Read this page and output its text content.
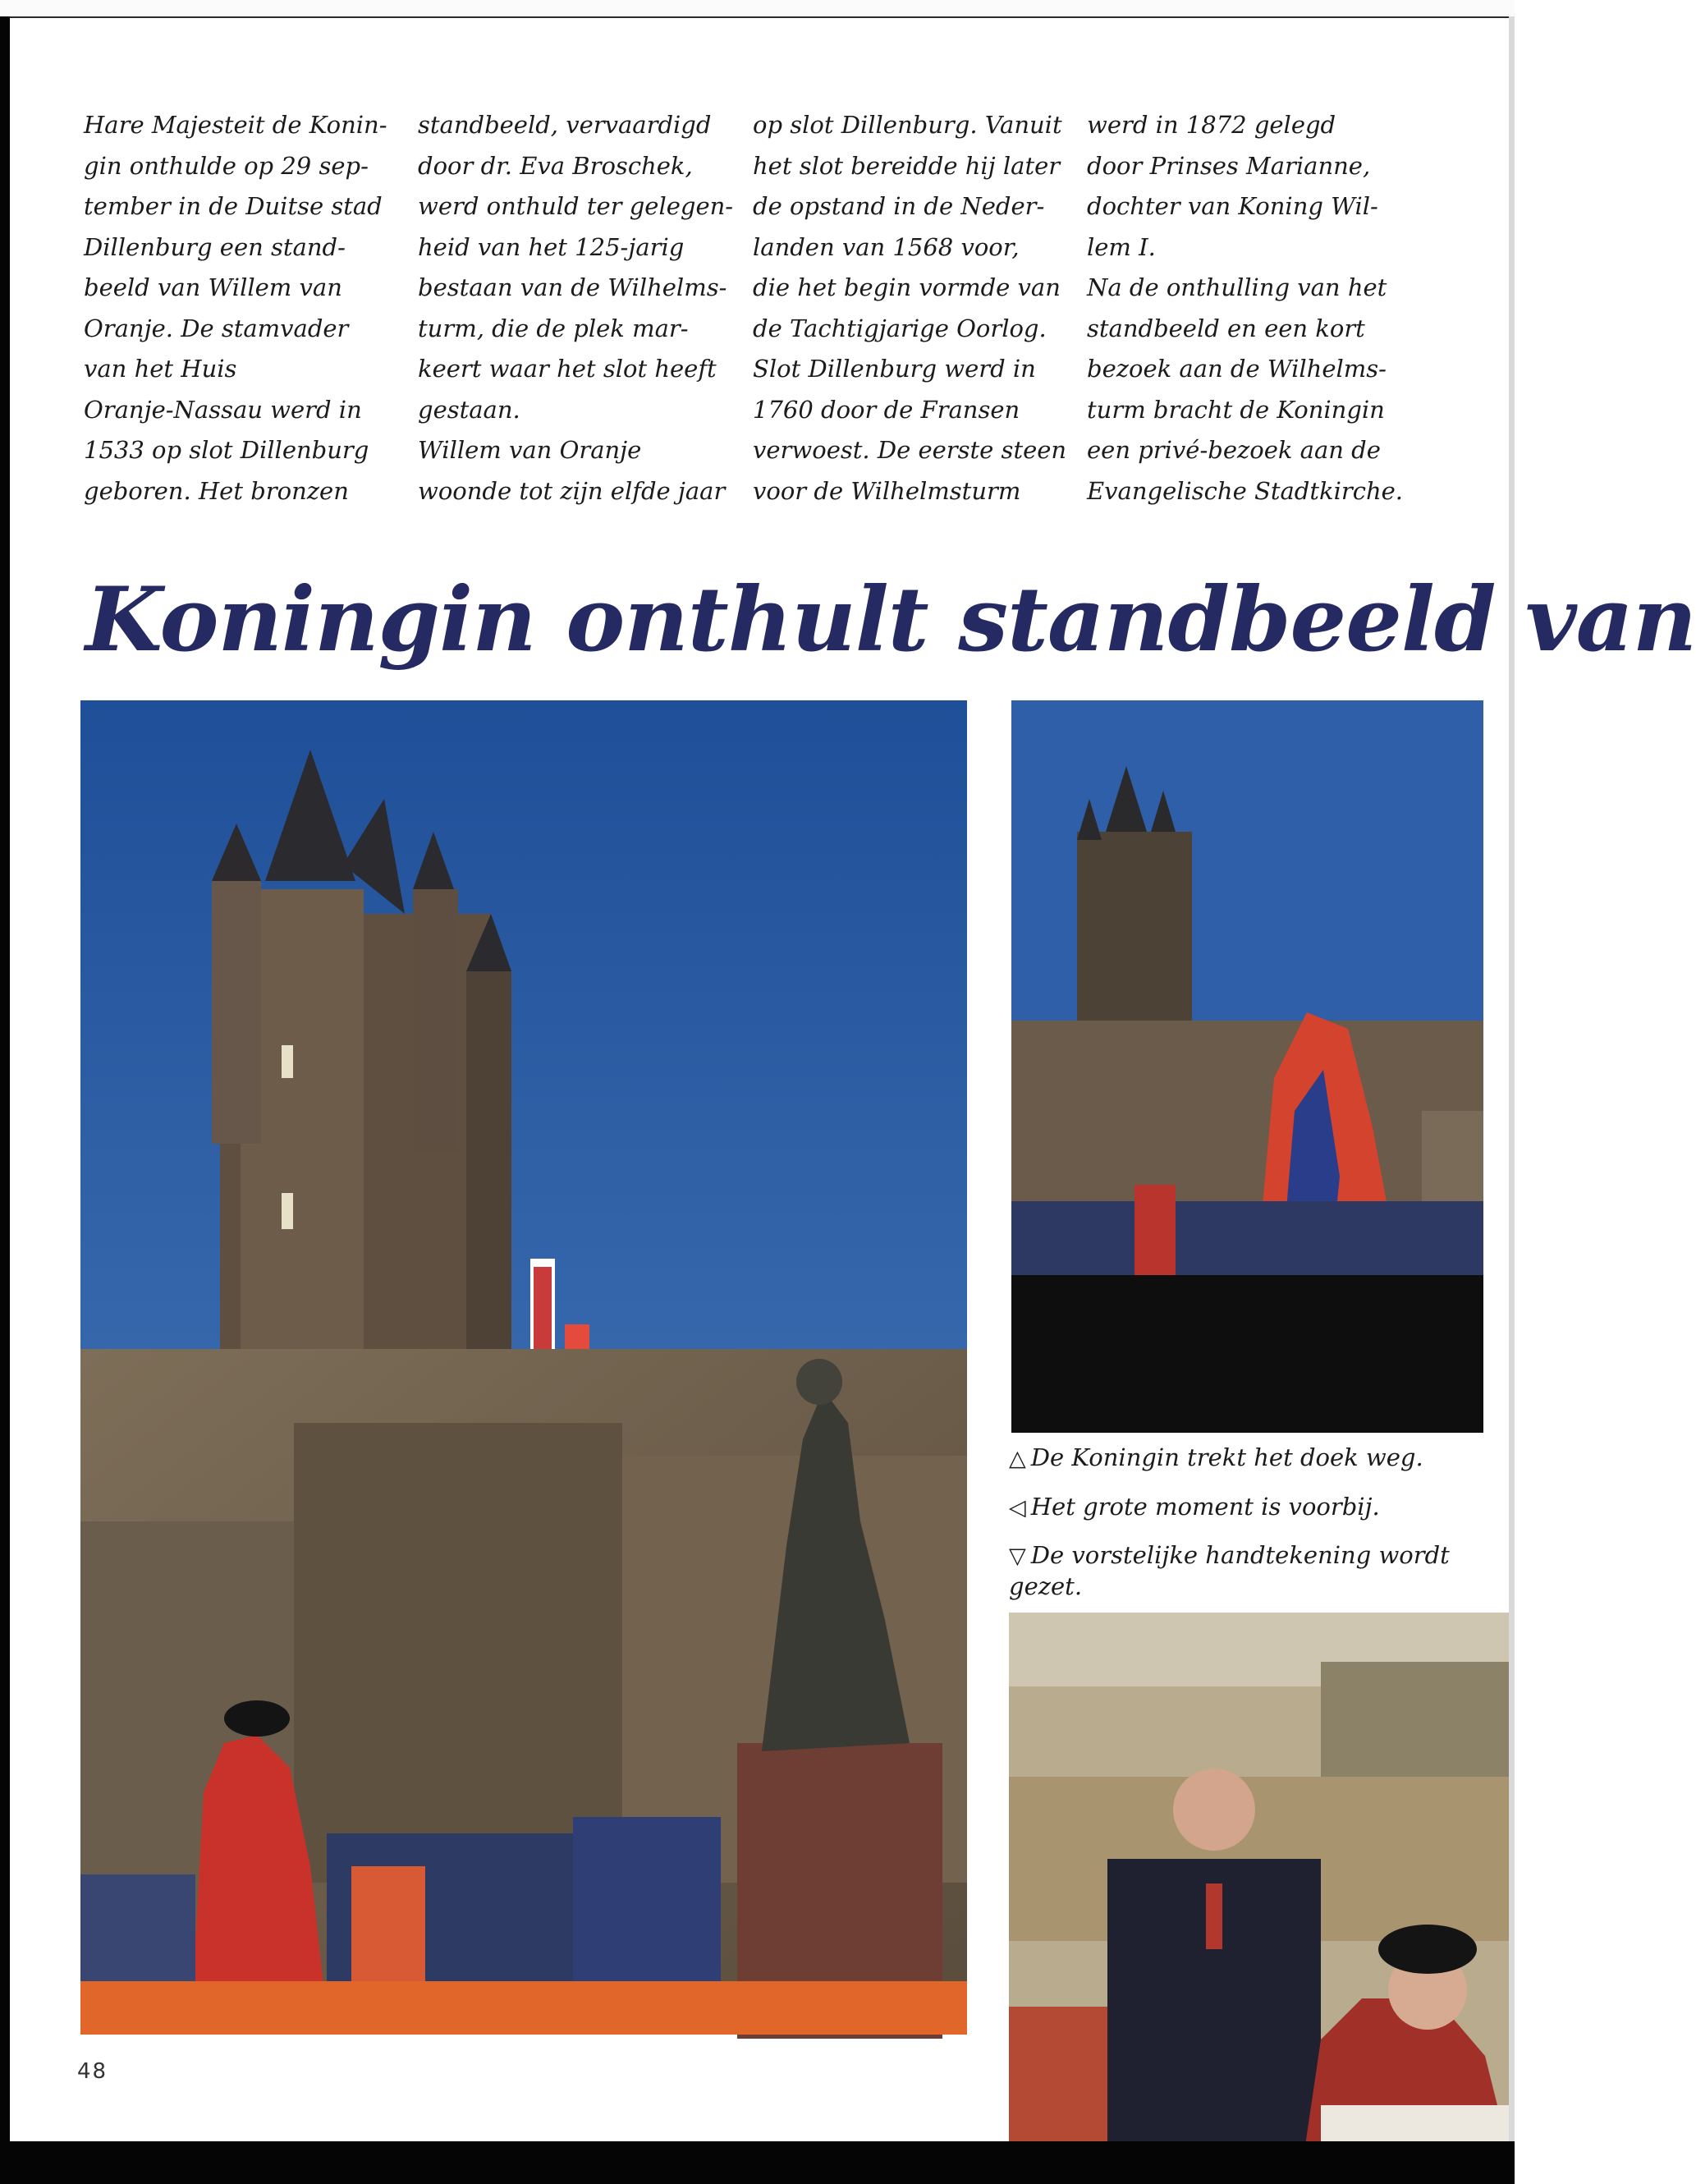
Hare Majesteit de Konin-
gin onthulde op 29 sep-
tember in de Duitse stad
Dillenburg een stand-
beeld van Willem van
Oranje. De stamvader
van het Huis
Oranje-Nassau werd in
1533 op slot Dillenburg
geboren. Het bronzen

standbeeld, vervaardigd
door dr. Eva Broschek,
werd onthuld ter gelegen-
heid van het 125-jarig
bestaan van de Wilhelms-
turm, die de plek mar-
keert waar het slot heeft
gestaan.
Willem van Oranje
woonde tot zijn elfde jaar

op slot Dillenburg. Vanuit
het slot bereidde hij later
de opstand in de Neder-
landen van 1568 voor,
die het begin vormde van
de Tachtigjarige Oorlog.
Slot Dillenburg werd in
1760 door de Fransen
verwoest. De eerste steen
voor de Wilhelmsturm

werd in 1872 gelegd
door Prinses Marianne,
dochter van Koning Wil-
lem I.
Na de onthulling van het
standbeeld en een kort
bezoek aan de Wilhelms-
turm bracht de Koningin
een privé-bezoek aan de
Evangelische Stadtkirche.

Koningin onthult standbeeld van

△ De Koningin trekt het doek weg.

◁ Het grote moment is voorbij.

▽ De vorstelijke handtekening wordt gezet.

48
